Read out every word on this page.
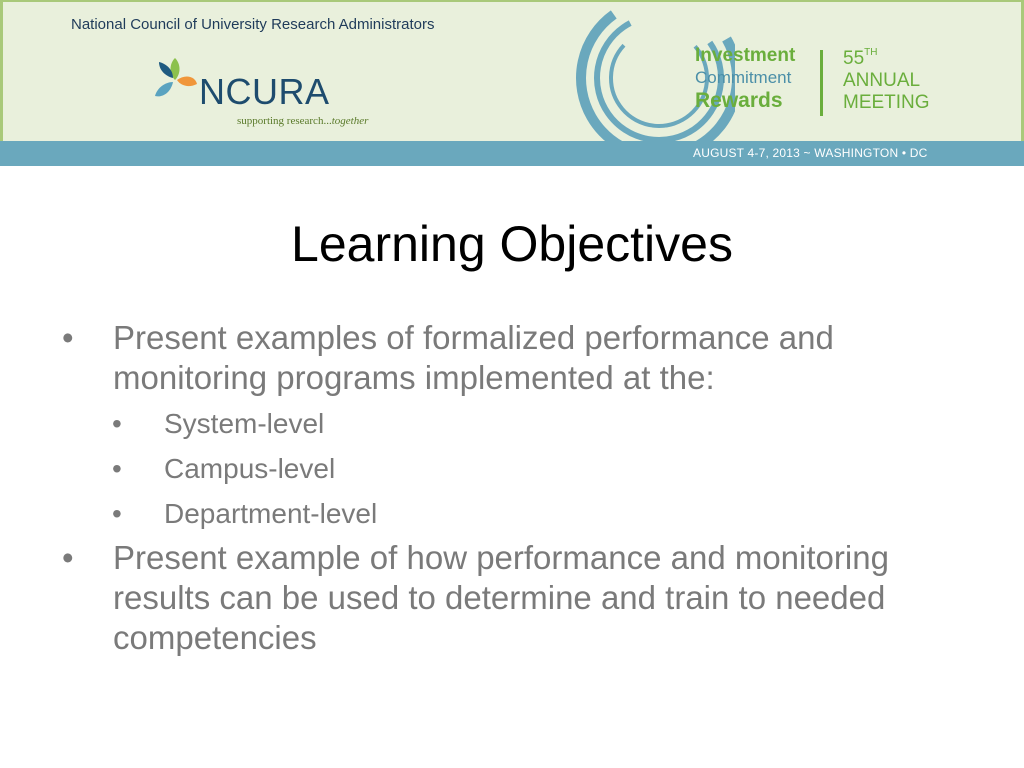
National Council of University Research Administrators
NCURA
supporting research...together
Investment
Commitment
Rewards
55TH
ANNUAL
MEETING
AUGUST 4-7, 2013 ~ WASHINGTON • DC
Learning Objectives
• Present examples of formalized performance and monitoring programs implemented at the:
• System-level
• Campus-level
• Department-level
• Present example of how performance and monitoring results can be used to determine and train to needed competencies
